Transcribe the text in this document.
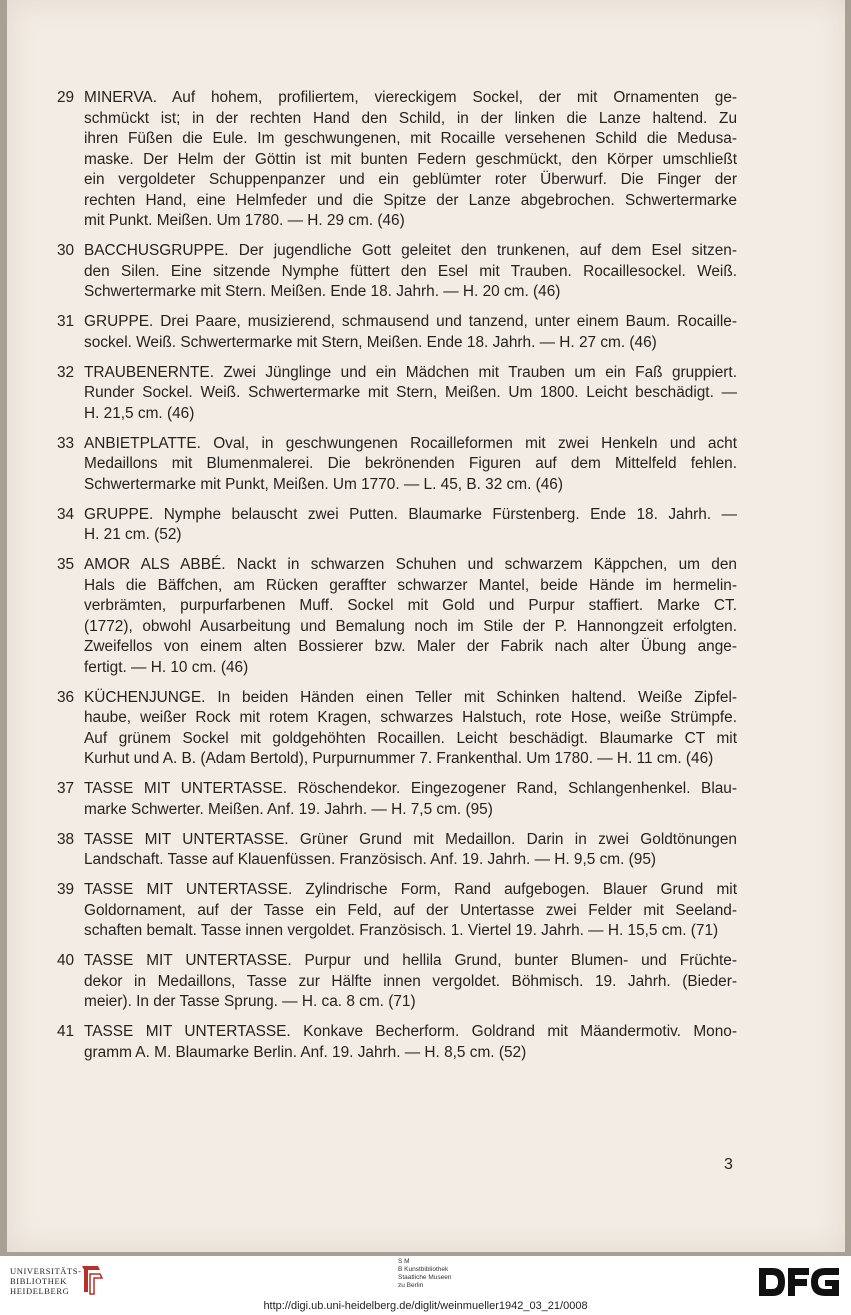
29 MINERVA. Auf hohem, profiliertem, viereckigem Sockel, der mit Ornamenten ge-
schmückt ist; in der rechten Hand den Schild, in der linken die Lanze haltend. Zu
ihren Füßen die Eule. Im geschwungenen, mit Rocaille versehenen Schild die Medusa-
maske. Der Helm der Göttin ist mit bunten Federn geschmückt, den Körper umschließt
ein vergoldeter Schuppenpanzer und ein geblümter roter Überwurf. Die Finger der
rechten Hand, eine Helmfeder und die Spitze der Lanze abgebrochen. Schwertermarke
mit Punkt. Meißen. Um 1780. — H. 29 cm. (46)
30 BACCHUSGRUPPE. Der jugendliche Gott geleitet den trunkenen, auf dem Esel sitzen-
den Silen. Eine sitzende Nymphe füttert den Esel mit Trauben. Rocaillesockel. Weiß.
Schwertermarke mit Stern. Meißen. Ende 18. Jahrh. — H. 20 cm. (46)
31 GRUPPE. Drei Paare, musizierend, schmausend und tanzend, unter einem Baum. Rocaille-
sockel. Weiß. Schwertermarke mit Stern, Meißen. Ende 18. Jahrh. — H. 27 cm. (46)
32 TRAUBENERNTE. Zwei Jünglinge und ein Mädchen mit Trauben um ein Faß gruppiert.
Runder Sockel. Weiß. Schwertermarke mit Stern, Meißen. Um 1800. Leicht beschädigt. —
H. 21,5 cm. (46)
33 ANBIETPLATTE. Oval, in geschwungenen Rocailleformen mit zwei Henkeln und acht
Medaillons mit Blumenmalerei. Die bekrönenden Figuren auf dem Mittelfeld fehlen.
Schwertermarke mit Punkt, Meißen. Um 1770. — L. 45, B. 32 cm. (46)
34 GRUPPE. Nymphe belauscht zwei Putten. Blaumarke Fürstenberg. Ende 18. Jahrh. —
H. 21 cm. (52)
35 AMOR ALS ABBÉ. Nackt in schwarzen Schuhen und schwarzem Käppchen, um den
Hals die Bäffchen, am Rücken geraffter schwarzer Mantel, beide Hände im hermelin-
verbrämten, purpurfarbenen Muff. Sockel mit Gold und Purpur staffiert. Marke CT.
(1772), obwohl Ausarbeitung und Bemalung noch im Stile der P. Hannongzeit erfolgten.
Zweifellos von einem alten Bossierer bzw. Maler der Fabrik nach alter Übung ange-
fertigt. — H. 10 cm. (46)
36 KÜCHENJUNGE. In beiden Händen einen Teller mit Schinken haltend. Weiße Zipfel-
haube, weißer Rock mit rotem Kragen, schwarzes Halstuch, rote Hose, weiße Strümpfe.
Auf grünem Sockel mit goldgehöhten Rocaillen. Leicht beschädigt. Blaumarke CT mit
Kurhut und A. B. (Adam Bertold), Purpurnummer 7. Frankenthal. Um 1780. — H. 11 cm. (46)
37 TASSE MIT UNTERTASSE. Röschendekor. Eingezogener Rand, Schlangenhenkel. Blau-
marke Schwerter. Meißen. Anf. 19. Jahrh. — H. 7,5 cm. (95)
38 TASSE MIT UNTERTASSE. Grüner Grund mit Medaillon. Darin in zwei Goldtönungen
Landschaft. Tasse auf Klauenfüssen. Französisch. Anf. 19. Jahrh. — H. 9,5 cm. (95)
39 TASSE MIT UNTERTASSE. Zylindrische Form, Rand aufgebogen. Blauer Grund mit
Goldornament, auf der Tasse ein Feld, auf der Untertasse zwei Felder mit Seeland-
schaften bemalt. Tasse innen vergoldet. Französisch. 1. Viertel 19. Jahrh. — H. 15,5 cm. (71)
40 TASSE MIT UNTERTASSE. Purpur und hellila Grund, bunter Blumen- und Früchte-
dekor in Medaillons, Tasse zur Hälfte innen vergoldet. Böhmisch. 19. Jahrh. (Bieder-
meier). In der Tasse Sprung. — H. ca. 8 cm. (71)
41 TASSE MIT UNTERTASSE. Konkave Becherform. Goldrand mit Mäandermotiv. Mono-
gramm A. M. Blaumarke Berlin. Anf. 19. Jahrh. — H. 8,5 cm. (52)
3
UNIVERSITÄTS-
BIBLIOTHEK
HEIDELBERG
S M
B Kunstbibliothek
Staatliche Museen
zu Berlin
http://digi.ub.uni-heidelberg.de/diglit/weinmueller1942_03_21/0008
